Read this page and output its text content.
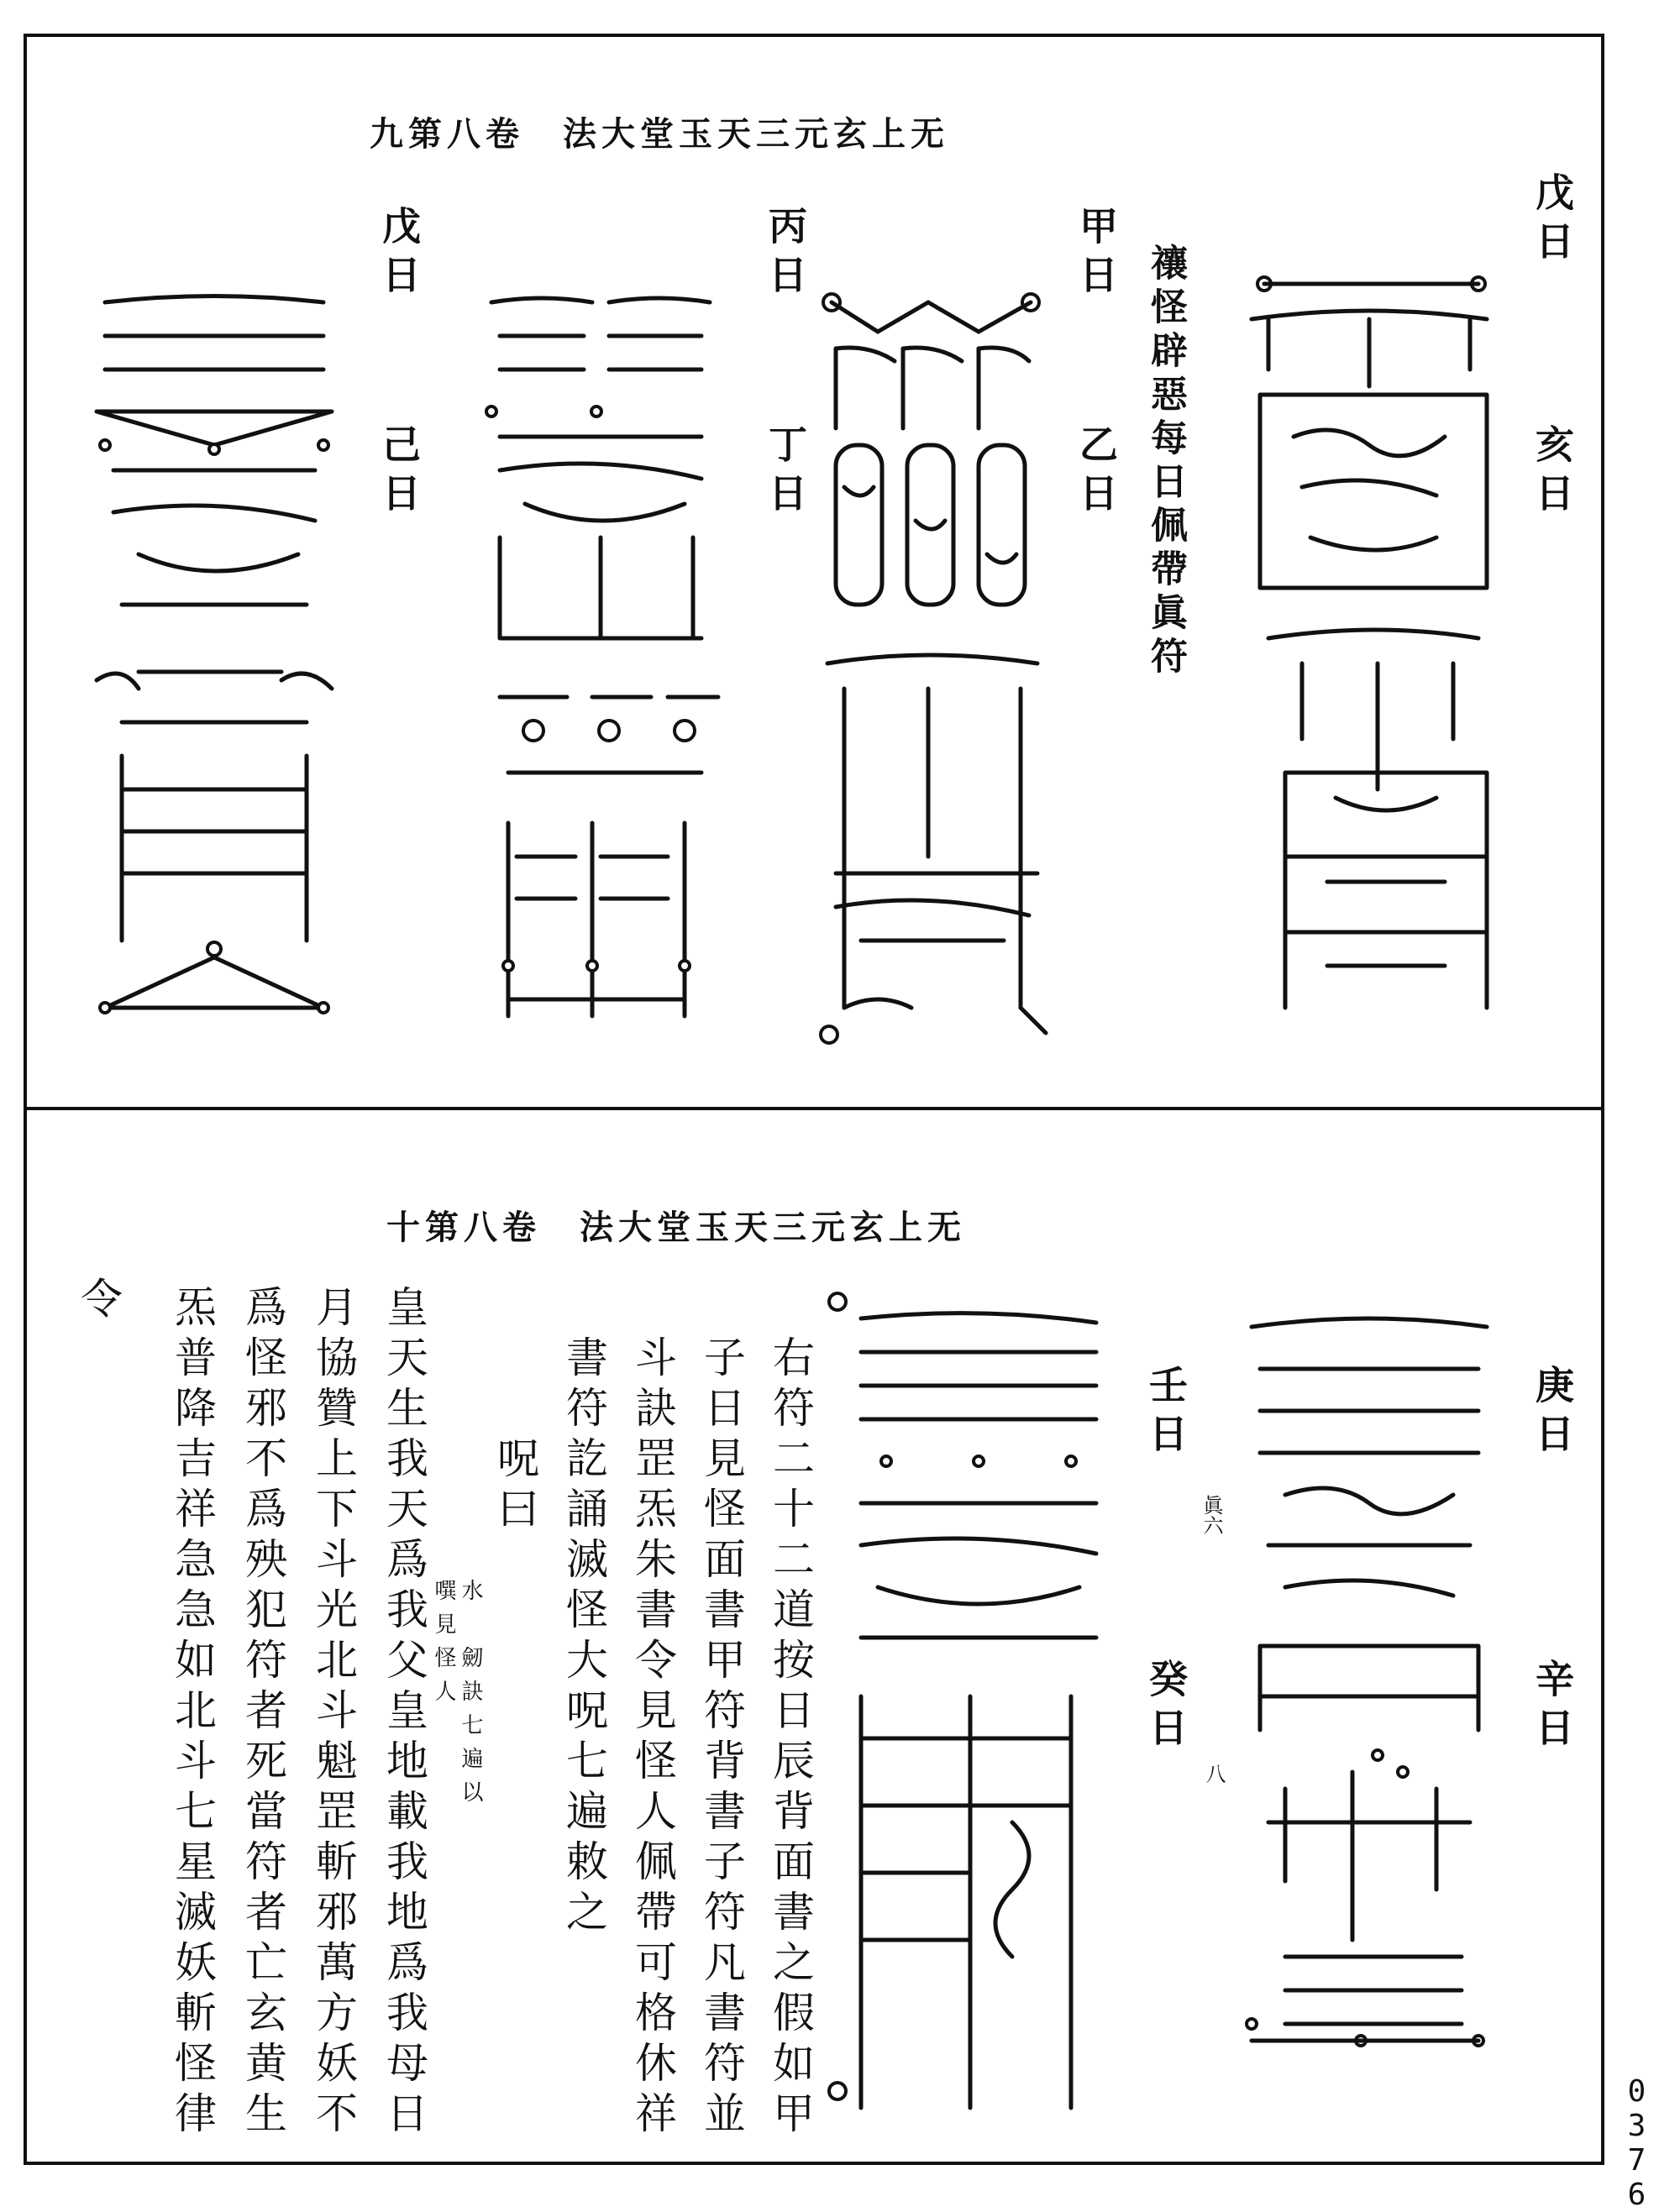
九第八卷　法大堂玉天三元玄上无
戊日
亥日
禳怪辟惡每日佩帶眞符
甲日
乙日
丙日
丁日
戊日
己日
十第八卷　法大堂玉天三元玄上无
庚日
辛日
壬日
癸日
眞六
八
右符二十二道按日辰背面書之假如甲
子日見怪面書甲符背書子符凡書符並
斗訣罡炁朱書令見怪人佩帶可格休祥
書符訖誦滅怪大呪七遍敕之
呪曰
水　劒訣七遍以
噀見怪人
皇天生我天爲我父皇地載我地爲我母日
月協贊上下斗光北斗魁罡斬邪萬方妖不
爲怪邪不爲殃犯符者死當符者亡玄黄生
炁普降吉祥急急如北斗七星滅妖斬怪律
令
0376
